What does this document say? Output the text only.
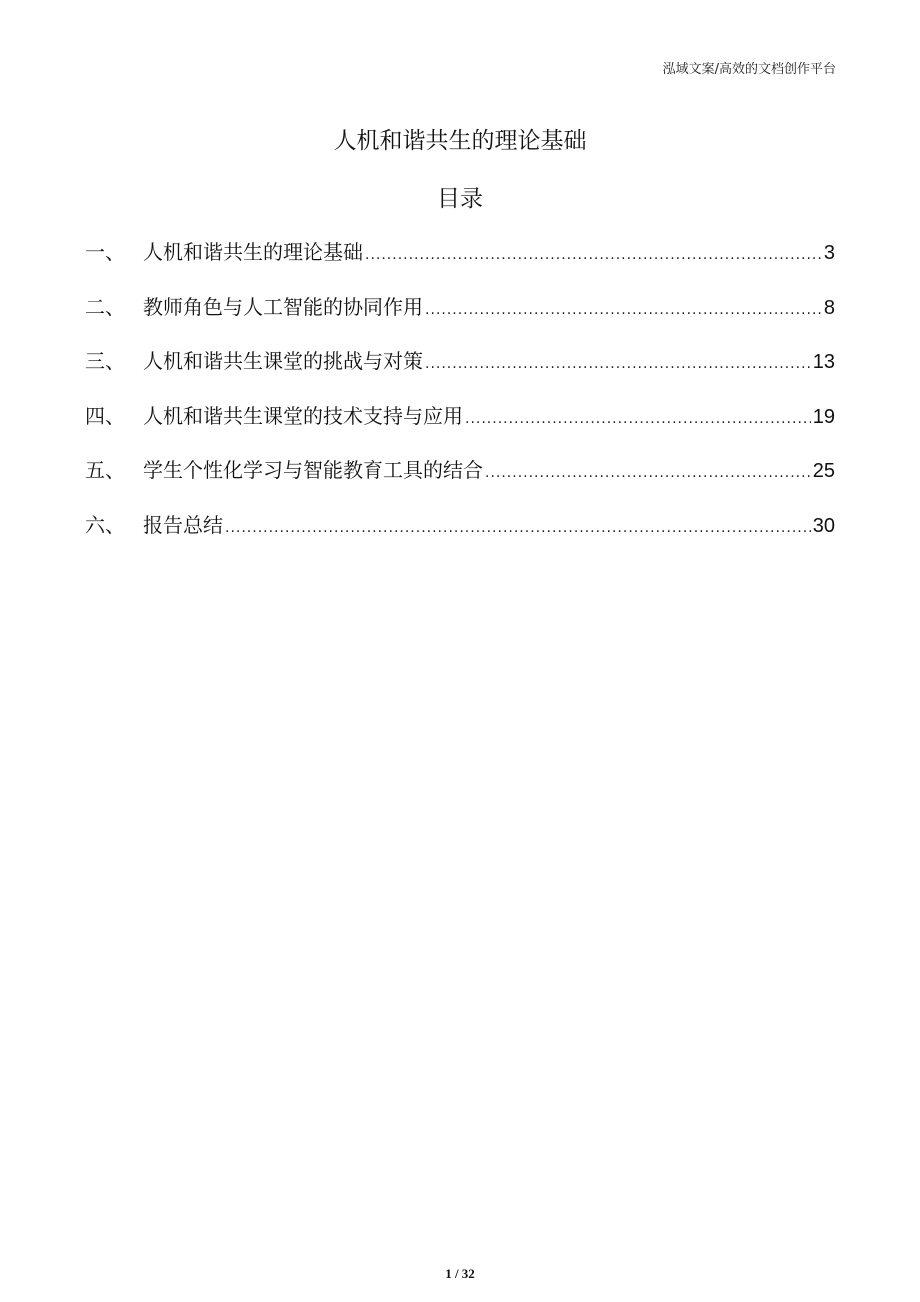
泓域文案/高效的文档创作平台
人机和谐共生的理论基础
目录
一、 人机和谐共生的理论基础 .....	3
二、 教师角色与人工智能的协同作用 .....	8
三、 人机和谐共生课堂的挑战与对策 .....	13
四、 人机和谐共生课堂的技术支持与应用 .....	19
五、 学生个性化学习与智能教育工具的结合 .....	25
六、 报告总结 .....	30
1 / 32
